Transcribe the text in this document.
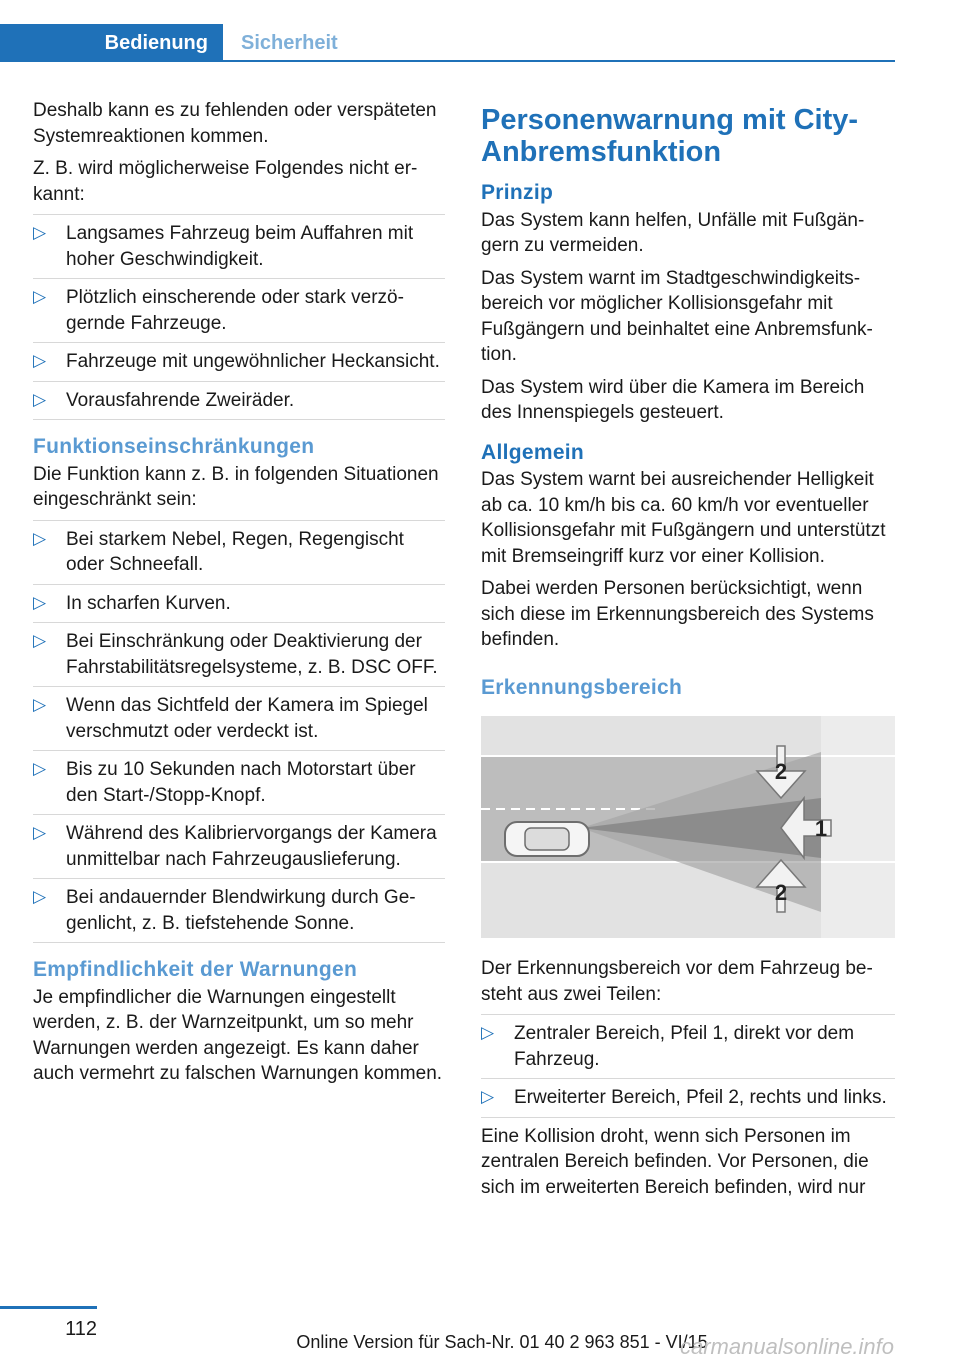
Bedienung	Sicherheit

Deshalb kann es zu fehlenden oder verspäteten Systemreaktionen kommen.

Z. B. wird möglicherweise Folgendes nicht erkannt:

▷ Langsames Fahrzeug beim Auffahren mit hoher Geschwindigkeit.
▷ Plötzlich einscherende oder stark verzögernde Fahrzeuge.
▷ Fahrzeuge mit ungewöhnlicher Heckansicht.
▷ Vorausfahrende Zweiräder.
Funktionseinschränkungen

Die Funktion kann z. B. in folgenden Situationen eingeschränkt sein:

▷ Bei starkem Nebel, Regen, Regengischt oder Schneefall.
▷ In scharfen Kurven.
▷ Bei Einschränkung oder Deaktivierung der Fahrstabilitätsregelsysteme, z. B. DSC OFF.
▷ Wenn das Sichtfeld der Kamera im Spiegel verschmutzt oder verdeckt ist.
▷ Bis zu 10 Sekunden nach Motorstart über den Start-/Stopp-Knopf.
▷ Während des Kalibriervorgangs der Kamera unmittelbar nach Fahrzeugauslieferung.
▷ Bei andauernder Blendwirkung durch Gegenlicht, z. B. tiefstehende Sonne.
Empfindlichkeit der Warnungen

Je empfindlicher die Warnungen eingestellt werden, z. B. der Warnzeitpunkt, um so mehr Warnungen werden angezeigt. Es kann daher auch vermehrt zu falschen Warnungen kommen.

Personenwarnung mit City-Anbremsfunktion
Prinzip

Das System kann helfen, Unfälle mit Fußgängern zu vermeiden.

Das System warnt im Stadtgeschwindigkeitsbereich vor möglicher Kollisionsgefahr mit Fußgängern und beinhaltet eine Anbremsfunktion.

Das System wird über die Kamera im Bereich des Innenspiegels gesteuert.

Allgemein

Das System warnt bei ausreichender Helligkeit ab ca. 10 km/h bis ca. 60 km/h vor eventueller Kollisionsgefahr mit Fußgängern und unterstützt mit Bremseingriff kurz vor einer Kollision.

Dabei werden Personen berücksichtigt, wenn sich diese im Erkennungsbereich des Systems befinden.

Erkennungsbereich
2
1
2

Der Erkennungsbereich vor dem Fahrzeug besteht aus zwei Teilen:

▷ Zentraler Bereich, Pfeil 1, direkt vor dem Fahrzeug.
▷ Erweiterter Bereich, Pfeil 2, rechts und links.

Eine Kollision droht, wenn sich Personen im zentralen Bereich befinden. Vor Personen, die sich im erweiterten Bereich befinden, wird nur

112
Online Version für Sach-Nr. 01 40 2 963 851 - VI/15
carmanualsonline.info
